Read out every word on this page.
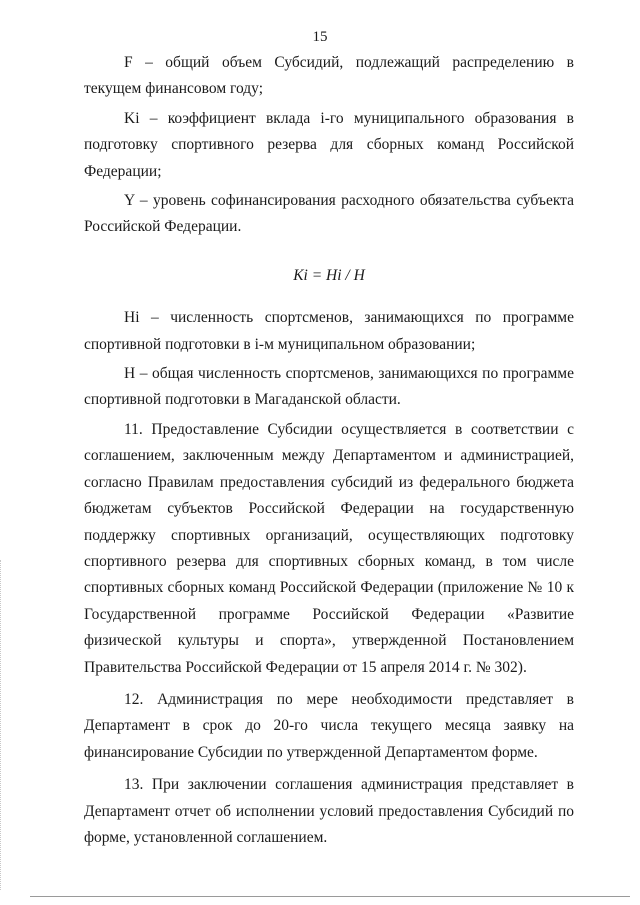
15

F – общий объем Субсидий, подлежащий распределению в текущем финансовом году;

Ki – коэффициент вклада i-го муниципального образования в подготовку спортивного резерва для сборных команд Российской Федерации;

Y – уровень софинансирования расходного обязательства субъекта Российской Федерации.

Ki = Hi / H

Hi – численность спортсменов, занимающихся по программе спортивной подготовки в i-м муниципальном образовании;

H – общая численность спортсменов, занимающихся по программе спортивной подготовки в Магаданской области.

11. Предоставление Субсидии осуществляется в соответствии с соглашением, заключенным между Департаментом и администрацией, согласно Правилам предоставления субсидий из федерального бюджета бюджетам субъектов Российской Федерации на государственную поддержку спортивных организаций, осуществляющих подготовку спортивного резерва для спортивных сборных команд, в том числе спортивных сборных команд Российской Федерации (приложение № 10 к Государственной программе Российской Федерации «Развитие физической культуры и спорта», утвержденной Постановлением Правительства Российской Федерации от 15 апреля 2014 г. № 302).

12. Администрация по мере необходимости представляет в Департамент в срок до 20-го числа текущего месяца заявку на финансирование Субсидии по утвержденной Департаментом форме.

13. При заключении соглашения администрация представляет в Департамент отчет об исполнении условий предоставления Субсидий по форме, установленной соглашением.
